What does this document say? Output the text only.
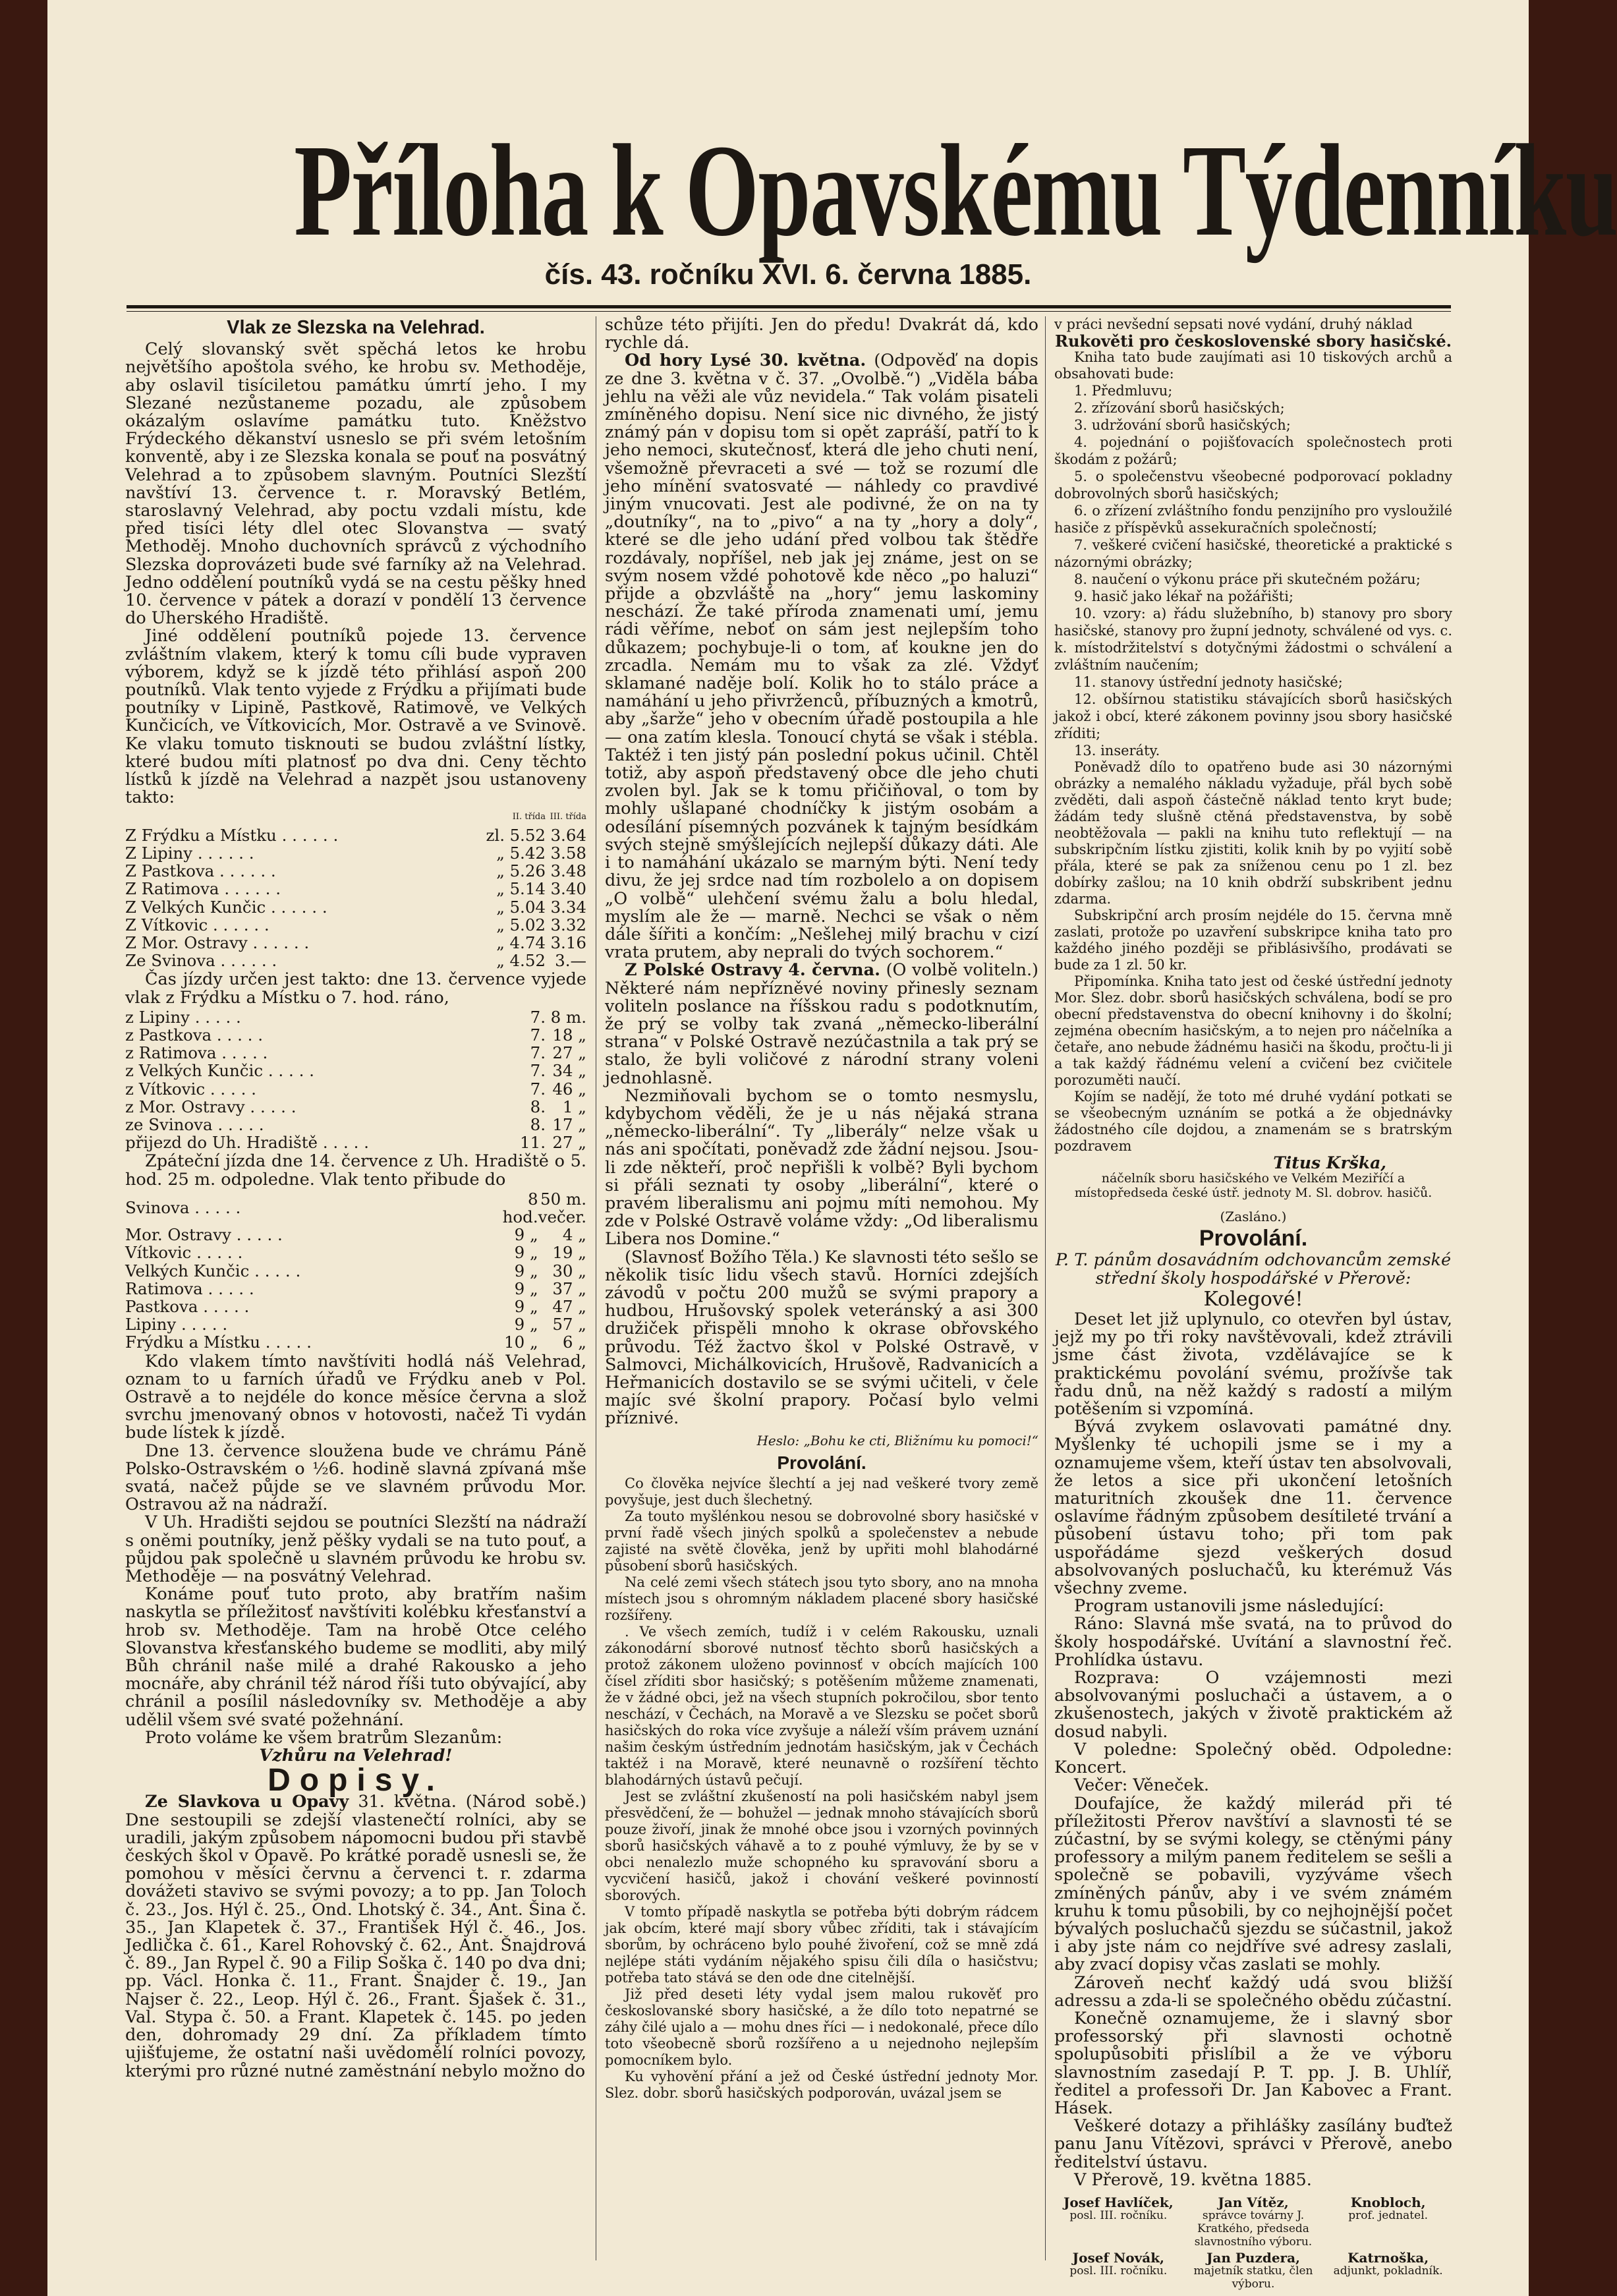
Příloha k Opavskému Týdenníku
čís. 43. ročníku XVI. 6. června 1885.
Vlak ze Slezska na Velehrad.

Celý slovanský svět spěchá letos ke hrobu největšího apoštola svého, ke hrobu sv. Methoděje, aby oslavil tisíciletou památku úmrtí jeho. I my Slezané nezůstaneme pozadu, ale způsobem okázalým oslavíme památku tuto. Kněžstvo Frýdeckého děkanství usneslo se při svém letošním konventě, aby i ze Slezska konala se pouť na posvátný Velehrad a to způsobem slavným. Poutníci Slezští navštíví 13. července t. r. Moravský Betlém, staroslavný Velehrad, aby poctu vzdali místu, kde před tisíci léty dlel otec Slovanstva — svatý Methoděj. Mnoho duchovních správců z východního Slezska doprovázeti bude své farníky až na Velehrad. Jedno oddělení poutníků vydá se na cestu pěšky hned 10. července v pátek a dorazí v pondělí 13 července do Uherského Hradiště.

Jiné oddělení poutníků pojede 13. července zvláštním vlakem, který k tomu cíli bude vypraven výborem, když se k jízdě této přihlásí aspoň 200 poutníků. Vlak tento vyjede z Frýdku a přijímati bude poutníky v Lipině, Pastkově, Ratimově, ve Velkých Kunčicích, ve Vítkovicích, Mor. Ostravě a ve Svinově. Ke vlaku tomuto tisknouti se budou zvláštní lístky, které budou míti platnosť po dva dni. Ceny těchto lístků k jízdě na Velehrad a nazpět jsou ustanoveny takto:

		II. třída	III. třída
Z Frýdku a Místku . . . . . .	zl.	5.52	3.64
Z Lipiny . . . . . .	„	5.42	3.58
Z Pastkova . . . . . .	„	5.26	3.48
Z Ratimova . . . . . .	„	5.14	3.40
Z Velkých Kunčic . . . . . .	„	5.04	3.34
Z Vítkovic . . . . . .	„	5.02	3.32
Z Mor. Ostravy . . . . . .	„	4.74	3.16
Ze Svinova . . . . . .	„	4.52	3.—

Čas jízdy určen jest takto: dne 13. července vyjede vlak z Frýdku a Místku o 7. hod. ráno,

z Lipiny . . . . .	7.	8 m.
z Pastkova . . . . .	7.	18 „
z Ratimova . . . . .	7.	27 „
z Velkých Kunčic . . . . .	7.	34 „
z Vítkovic . . . . .	7.	46 „
z Mor. Ostravy . . . . .	8.	1 „
ze Svinova . . . . .	8.	17 „
přijezd do Uh. Hradiště . . . . .	11.	27 „

Zpáteční jízda dne 14. července z Uh. Hradiště o 5. hod. 25 m. odpoledne. Vlak tento přibude do

Svinova . . . . .	8 hod.	50 m. večer.
Mor. Ostravy . . . . .	9 „	4 „
Vítkovic . . . . .	9 „	19 „
Velkých Kunčic . . . . .	9 „	30 „
Ratimova . . . . .	9 „	37 „
Pastkova . . . . .	9 „	47 „
Lipiny . . . . .	9 „	57 „
Frýdku a Místku . . . . .	10 „	6 „

Kdo vlakem tímto navštíviti hodlá náš Velehrad, oznam to u farních úřadů ve Frýdku aneb v Pol. Ostravě a to nejdéle do konce měsíce června a slož svrchu jmenovaný obnos v hotovosti, načež Ti vydán bude lístek k jízdě.

Dne 13. července sloužena bude ve chrámu Páně Polsko-Ostravském o ½6. hodině slavná zpívaná mše svatá, načež půjde se ve slavném průvodu Mor. Ostravou až na nádraží.

V Uh. Hradišti sejdou se poutníci Slezští na nádraží s oněmi poutníky, jenž pěšky vydali se na tuto pouť, a půjdou pak společně u slavném průvodu ke hrobu sv. Methoděje — na posvátný Velehrad.

Konáme pouť tuto proto, aby bratřím našim naskytla se příležitosť navštíviti kolébku křesťanství a hrob sv. Methoděje. Tam na hrobě Otce celého Slovanstva křesťanského budeme se modliti, aby milý Bůh chránil naše milé a drahé Rakousko a jeho mocnáře, aby chránil též národ říši tuto obývající, aby chránil a posílil následovníky sv. Methoděje a aby udělil všem své svaté požehnání.

Proto voláme ke všem bratrům Slezanům:

Vzhůru na Velehrad!

Dopisy.

Ze Slavkova u Opavy 31. května. (Národ sobě.) Dne sestoupili se zdejší vlastenečtí rolníci, aby se uradili, jakým způsobem nápomocni budou při stavbě českých škol v Opavě. Po krátké poradě usnesli se, že pomohou v měsíci červnu a červenci t. r. zdarma dovážeti stavivo se svými povozy; a to pp. Jan Toloch č. 23., Jos. Hýl č. 25., Ond. Lhotský č. 34., Ant. Šina č. 35., Jan Klapetek č. 37., František Hýl č. 46., Jos. Jedlička č. 61., Karel Rohovský č. 62., Ant. Šnajdrová č. 89., Jan Rypel č. 90 a Filip Soška č. 140 po dva dni; pp. Václ. Honka č. 11., Frant. Šnajder č. 19., Jan Najser č. 22., Leop. Hýl č. 26., Frant. Šjašek č. 31., Val. Stypa č. 50. a Frant. Klapetek č. 145. po jeden den, dohromady 29 dní. Za příkladem tímto ujišťujeme, že ostatní naši uvědomělí rolníci povozy, kterými pro různé nutné zaměstnání nebylo možno do

schůze této přijíti. Jen do předu! Dvakrát dá, kdo rychle dá.

Od hory Lysé 30. května. (Odpověď na dopis ze dne 3. května v č. 37. „Ovolbě.“) „Viděla bába jehlu na věži ale vůz nevidela.“ Tak volám pisateli zmíněného dopisu. Není sice nic divného, že jistý známý pán v dopisu tom si opět zapráší, patří to k jeho nemoci, skutečnosť, která dle jeho chuti není, všemožně převraceti a své — tož se rozumí dle jeho mínění svatosvaté — náhledy co pravdivé jiným vnucovati. Jest ale podivné, že on na ty „doutníky“, na to „pivo“ a na ty „hory a doly“, které se dle jeho udání před volbou tak štědře rozdávaly, nopříšel, neb jak jej známe, jest on se svým nosem vždé pohotově kde něco „po haluzi“ přijde a obzvláště na „hory“ jemu laskominy neschází. Že také příroda znamenati umí, jemu rádi věříme, neboť on sám jest nejlepším toho důkazem; pochybuje-li o tom, ať koukne jen do zrcadla. Nemám mu to však za zlé. Vždyť sklamané naděje bolí. Kolik ho to stálo práce a namáhání u jeho přivrženců, příbuzných a kmotrů, aby „šarže“ jeho v obecním úřadě postoupila a hle — ona zatím klesla. Tonoucí chytá se však i stébla. Taktéž i ten jistý pán poslední pokus učinil. Chtěl totiž, aby aspoň představený obce dle jeho chuti zvolen byl. Jak se k tomu přičiňoval, o tom by mohly ušlapané chodníčky k jistým osobám a odesílání písemných pozvánek k tajným besídkám svých stejně smýšlejících nejlepší důkazy dáti. Ale i to namáhání ukázalo se marným býti. Není tedy divu, že jej srdce nad tím rozbolelo a on dopisem „O volbě“ ulehčení svému žalu a bolu hledal, myslím ale že — marně. Nechci se však o něm dále šířiti a končím: „Nešlehej milý brachu v cizí vrata prutem, aby neprali do tvých sochorem.“

Z Polské Ostravy 4. června. (O volbě voliteln.) Některé nám nepřízněvé noviny přinesly seznam voliteln poslance na říšskou radu s podotknutím, že prý se volby tak zvaná „německo-liberální strana“ v Polské Ostravě nezúčastnila a tak prý se stalo, že byli voličové z národní strany voleni jednohlasně.

Nezmiňovali bychom se o tomto nesmyslu, kdybychom věděli, že je u nás nějaká strana „německo-liberální“. Ty „liberály“ nelze však u nás ani spočítati, poněvadž zde žádní nejsou. Jsou-li zde někteří, proč nepřišli k volbě? Byli bychom si přáli seznati ty osoby „liberální“, které o pravém liberalismu ani pojmu míti nemohou. My zde v Polské Ostravě voláme vždy: „Od liberalismu Libera nos Domine.“

(Slavnosť Božího Těla.) Ke slavnosti této sešlo se několik tisíc lidu všech stavů. Horníci zdejších závodů v počtu 200 mužů se svými prapory a hudbou, Hrušovský spolek veteránský a asi 300 družiček přispěli mnoho k okrase obřovského průvodu. Též žactvo škol v Polské Ostravě, v Salmovci, Michálkovicích, Hrušově, Radvanicích a Heřmanicích dostavilo se se svými učiteli, v čele majíc své školní prapory. Počasí bylo velmi příznivé.

Heslo: „Bohu ke cti, Bližnímu ku pomoci!“
Provolání.

Co člověka nejvíce šlechtí a jej nad veškeré tvory země povyšuje, jest duch šlechetný.

Za touto myšlénkou nesou se dobrovolné sbory hasičské v první řadě všech jiných spolků a společenstev a nebude zajisté na světě člověka, jenž by upřiti mohl blahodárné působení sborů hasičských.

Na celé zemi všech státech jsou tyto sbory, ano na mnoha místech jsou s ohromným nákladem placené sbory hasičské rozšířeny.

. Ve všech zemích, tudíž i v celém Rakousku, uznali zákonodární sborové nutnosť těchto sborů hasičských a protož zákonem uloženo povinnosť v obcích majících 100 čísel zříditi sbor hasičský; s potěšením můžeme znamenati, že v žádné obci, jež na všech stupních pokročilou, sbor tento neschází, v Čechách, na Moravě a ve Slezsku se počet sborů hasičských do roka více zvyšuje a náleží vším právem uznání našim českým ústředním jednotám hasičským, jak v Čechách taktéž i na Moravě, které neunavně o rozšíření těchto blahodárných ústavů pečují.

Jest se zvláštní zkušeností na poli hasičském nabyl jsem přesvědčení, že — bohužel — jednak mnoho stávajících sborů pouze živoří, jinak že mnohé obce jsou i vzorných povinných sborů hasičských váhavě a to z pouhé výmluvy, že by se v obci nenalezlo muže schopného ku spravování sboru a vycvičení hasičů, jakož i chování veškeré povinností sborových.

V tomto případě naskytla se potřeba býti dobrým rádcem jak obcím, které mají sbory vůbec zříditi, tak i stávajícím sborům, by ochráceno bylo pouhé živoření, což se mně zdá nejlépe státi vydáním nějakého spisu čili díla o hasičstvu; potřeba tato stává se den ode dne citelnější.

Již před deseti léty vydal jsem malou rukověť pro českoslovanské sbory hasičské, a že dílo toto nepatrné se záhy čilé ujalo a — mohu dnes říci — i nedokonalé, přece dílo toto všeobecně sborů rozšířeno a u nejednoho nejlepším pomocníkem bylo.

Ku vyhovění přání a jež od České ústřední jednoty Mor. Slez. dobr. sborů hasičských podporován, uvázal jsem se

v práci nevšední sepsati nové vydání, druhý náklad

Rukověti pro československé sbory hasičské.

Kniha tato bude zaujímati asi 10 tiskových archů a obsahovati bude:

1. Předmluvu;
2. zřízování sborů hasičských;
3. udržování sborů hasičských;
4. pojednání o pojišťovacích společnostech proti škodám z požárů;
5. o společenstvu všeobecné podporovací pokladny dobrovolných sborů hasičských;
6. o zřízení zvláštního fondu penzijního pro vysloužilé hasiče z příspěvků assekuračních společností;
7. veškeré cvičení hasičské, theoretické a praktické s názornými obrázky;
8. naučení o výkonu práce při skutečném požáru;
9. hasič jako lékař na požářišti;
10. vzory: a) řádu služebního, b) stanovy pro sbory hasičské, stanovy pro župní jednoty, schválené od vys. c. k. místodržitelství s dotyčnými žádostmi o schválení a zvláštním naučením;
11. stanovy ústřední jednoty hasičské;
12. obšírnou statistiku stávajících sborů hasičských jakož i obcí, které zákonem povinny jsou sbory hasičské zříditi;
13. inseráty.

Poněvadž dílo to opatřeno bude asi 30 názornými obrázky a nemalého nákladu vyžaduje, přál bych sobě zvěděti, dali aspoň částečně náklad tento kryt bude; žádám tedy slušně ctěná představenstva, by sobě neobtěžovala — pakli na knihu tuto reflektují — na subskripčním lístku zjistiti, kolik knih by po vyjití sobě přála, které se pak za sníženou cenu po 1 zl. bez dobírky zašlou; na 10 knih obdrží subskribent jednu zdarma.

Subskripční arch prosím nejdéle do 15. června mně zaslati, protože po uzavření subskripce kniha tato pro každého jiného později se přiblásivšího, prodávati se bude za 1 zl. 50 kr.

Připomínka. Kniha tato jest od české ústřední jednoty Mor. Slez. dobr. sborů hasičských schválena, bodí se pro obecní představenstva do obecní knihovny i do školní; zejména obecním hasičským, a to nejen pro náčelníka a četaře, ano nebude žádnému hasiči na škodu, pročtu-li ji a tak každý řádnému velení a cvičení bez cvičitele porozuměti naučí.

Kojím se nadějí, že toto mé druhé vydání potkati se se všeobecným uznáním se potká a že objednávky žádostného cíle dojdou, a znamenám se s bratrským pozdravem

Titus Krška,

náčelník sboru hasičského ve Velkém Meziříčí a místopředseda české ústř. jednoty M. Sl. dobrov. hasičů.

(Zasláno.)
Provolání.

P. T. pánům dosavádním odchovancům zemské střední školy hospodářské v Přerově:

Kolegové!

Deset let již uplynulo, co otevřen byl ústav, jejž my po tři roky navštěvovali, kdež ztrávili jsme část života, vzdělávajíce se k praktickému povolání svému, prožívše tak řadu dnů, na něž každý s radostí a milým potěšením si vzpomíná.

Bývá zvykem oslavovati památné dny. Myšlenky té uchopili jsme se i my a oznamujeme všem, kteří ústav ten absolvovali, že letos a sice při ukončení letošních maturitních zkoušek dne 11. července oslavíme řádným způsobem desítileté trvání a působení ústavu toho; při tom pak uspořádáme sjezd veškerých dosud absolvovaných posluchačů, ku kterémuž Vás všechny zveme.

Program ustanovili jsme následující:

Ráno: Slavná mše svatá, na to průvod do školy hospodářské. Uvítání a slavnostní řeč. Prohlídka ústavu.

Rozprava: O vzájemnosti mezi absolvovanými posluchači a ústavem, a o zkušenostech, jakých v životě praktickém až dosud nabyli.

V poledne: Společný oběd. Odpoledne: Koncert.

Večer: Věneček.

Doufajíce, že každý milerád při té příležitosti Přerov navštíví a slavnosti té se zúčastní, by se svými kolegy, se ctěnými pány professory a milým panem ředitelem se sešli a společně se pobavili, vyzýváme všech zmíněných pánův, aby i ve svém známém kruhu k tomu působili, by co nejhojnější počet bývalých posluchačů sjezdu se súčastnil, jakož i aby jste nám co nejdříve své adresy zaslali, aby zvací dopisy včas zaslati se mohly.

Zároveň nechť každý udá svou bližší adressu a zda-li se společného obědu zúčastní.

Konečně oznamujeme, že i slavný sbor professorský při slavnosti ochotně spolupůsobiti přislíbil a že ve výboru slavnostním zasedají P. T. pp. J. B. Uhlíř, ředitel a professoři Dr. Jan Kabovec a Frant. Hásek.

Veškeré dotazy a přihlášky zasílány buďtež panu Janu Vítězovi, správci v Přerově, anebo ředitelství ústavu.

V Přerově, 19. května 1885.

Josef Havlíček,
posl. III. ročníku.
Jan Vítěz,
správce továrny J. Kratkého, předseda slavnostního výboru.
Knobloch,
prof. jednatel.
Josef Novák,
posl. III. ročníku.
Jan Puzdera,
majetník statku, člen výboru.
Katrnoška,
adjunkt, pokladník.
